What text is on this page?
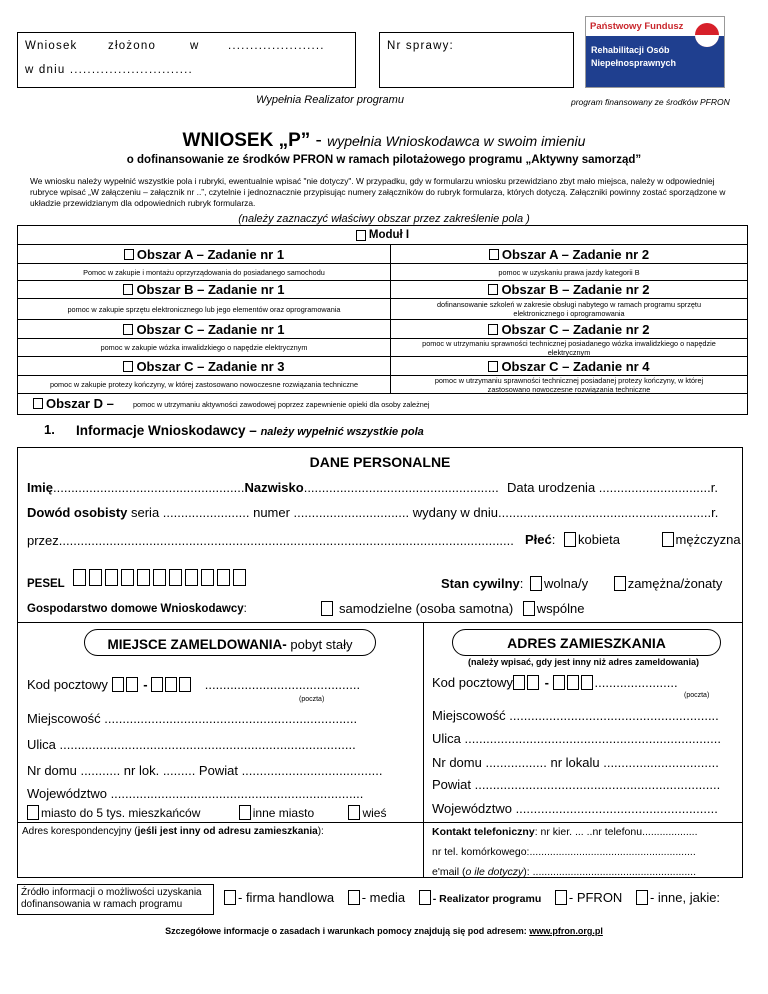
Wniosek	złożono	w ......................
w dniu ............................
Nr sprawy:
Wypełnia Realizator programu	program finansowany ze środków PFRON
Państwowy Fundusz
Rehabilitacji Osób
Niepełnosprawnych
WNIOSEK „P” - wypełnia Wnioskodawca w swoim imieniu
o dofinansowanie ze środków PFRON w ramach pilotażowego programu „Aktywny samorząd”
We wniosku należy wypełnić wszystkie pola i rubryki, ewentualnie wpisać "nie dotyczy". W przypadku, gdy w formularzu wniosku przewidziano zbyt mało miejsca, należy w odpowiedniej rubryce wpisać „W załączeniu – załącznik nr ..”, czytelnie i jednoznacznie przypisując numery załączników do rubryk formularza, których dotyczą. Załączniki powinny zostać sporządzone w układzie przewidzianym dla odpowiednich rubryk formularza.
(należy zaznaczyć właściwy obszar przez zakreślenie pola )
Moduł I
Obszar A – Zadanie nr 1	Obszar A – Zadanie nr 2
Pomoc w zakupie i montażu oprzyrządowania do posiadanego samochodu	pomoc w uzyskaniu prawa jazdy kategorii B
Obszar B – Zadanie nr 1	Obszar B – Zadanie nr 2
pomoc w zakupie sprzętu elektronicznego lub jego elementów oraz oprogramowania	dofinansowanie szkoleń w zakresie obsługi nabytego w ramach programu sprzętu elektronicznego i oprogramowania
Obszar C – Zadanie nr 1	Obszar C – Zadanie nr 2
pomoc w zakupie wózka inwalidzkiego o napędzie elektrycznym	pomoc w utrzymaniu sprawności technicznej posiadanego wózka inwalidzkiego o napędzie elektrycznym
Obszar C – Zadanie nr 3	Obszar C – Zadanie nr 4
pomoc w zakupie protezy kończyny, w której zastosowano nowoczesne rozwiązania techniczne	pomoc w utrzymaniu sprawności technicznej posiadanej protezy kończyny, w której zastosowano nowoczesne rozwiązania techniczne
Obszar D –	pomoc w utrzymaniu aktywności zawodowej poprzez zapewnienie opieki dla osoby zależnej
1. Informacje Wnioskodawcy – należy wypełnić wszystkie pola
DANE PERSONALNE
Imię.....................................................Nazwisko...................................................... Data urodzenia ...............................r.
Dowód osobisty seria ........................ numer ................................ wydany w dniu...........................................................r.
przez.............................................................................................................................. Płeć: kobieta	mężczyzna
PESEL	Stan cywilny: wolna/y	zamężna/żonaty
Gospodarstwo domowe Wnioskodawcy:	samodzielne (osoba samotna) wspólne
MIEJSCE ZAMELDOWANIA- pobyt stały
Kod pocztowy	-	...........................................
(poczta)
Miejscowość ......................................................................
Ulica ..................................................................................
Nr domu ........... nr lok. ......... Powiat .......................................
Województwo ......................................................................
miasto do 5 tys. mieszkańców	inne miasto	wieś
Adres korespondencyjny (jeśli jest inny od adresu zamieszkania):
ADRES ZAMIESZKANIA
(należy wpisać, gdy jest inny niż adres zameldowania)
Kod pocztowy -	.......................
(poczta)
Miejscowość ..........................................................
Ulica .......................................................................
Nr domu ................. nr lokalu ................................
Powiat ....................................................................
Województwo ........................................................
Kontakt telefoniczny: nr kier. ... ..nr telefonu...................
nr tel. komórkowego:.........................................................
e'mail (o ile dotyczy): ........................................................
Źródło informacji o możliwości uzyskania dofinansowania w ramach programu	- firma handlowa - media	- Realizator programu - PFRON - inne, jakie:
Szczegółowe informacje o zasadach i warunkach pomocy znajdują się pod adresem: www.pfron.org.pl
